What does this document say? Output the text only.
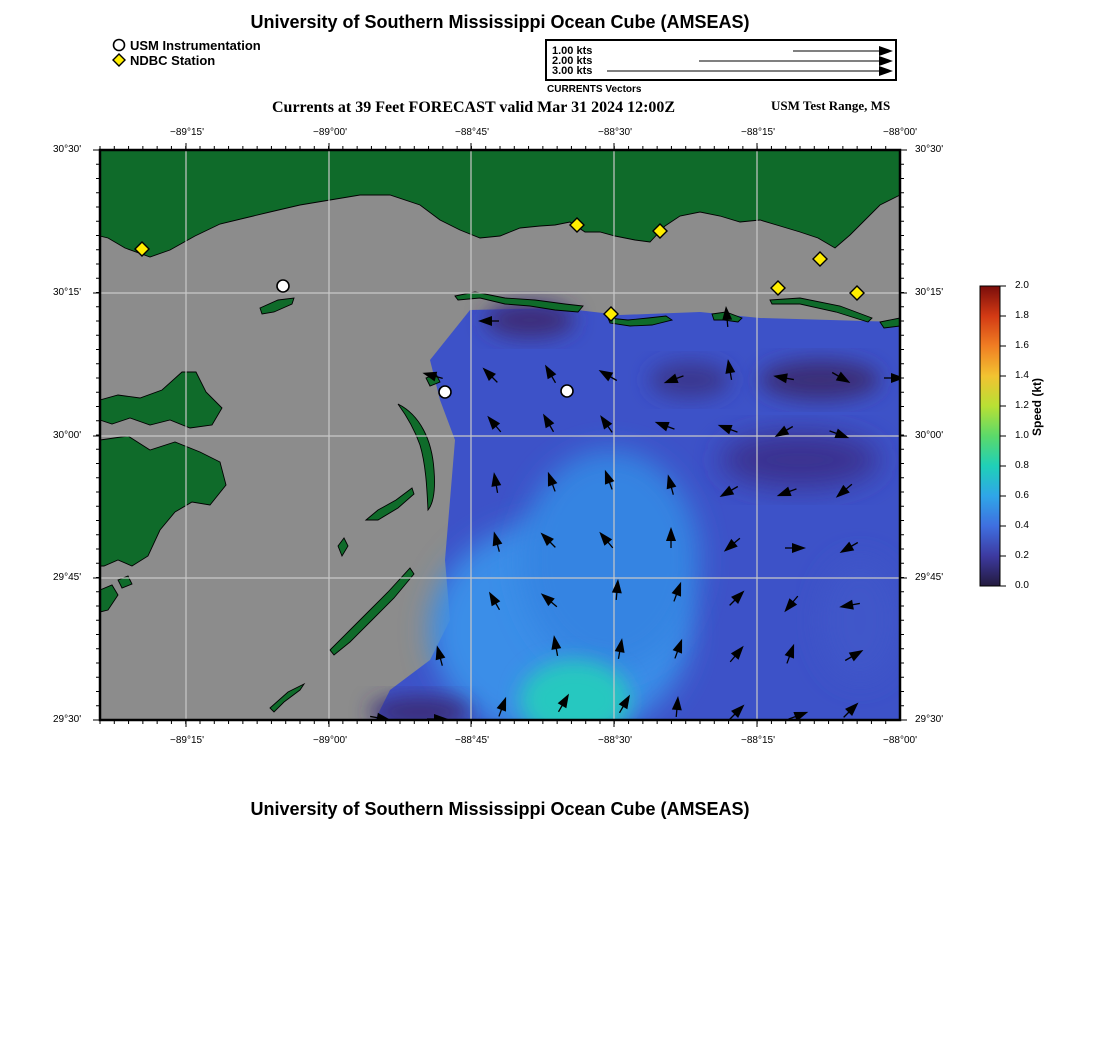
University of Southern Mississippi Ocean Cube (AMSEAS)
USM Instrumentation
NDBC Station
1.00 kts
2.00 kts
3.00 kts
CURRENTS Vectors
Currents at 39 Feet FORECAST valid Mar 31 2024 12:00Z	USM Test Range, MS
−89°15'	−89°00'	−88°45'	−88°30'	−88°15'	−88°00'
−89°15'	−89°00'	−88°45'	−88°30'	−88°15'	−88°00'
30°30'
30°15'
30°00'
29°45'
29°30'
30°30'
30°15'
30°00'
29°45'
29°30'
2.0
1.8
1.6
1.4
1.2
1.0
0.8
0.6
0.4
0.2
0.0
Speed (kt)
University of Southern Mississippi Ocean Cube (AMSEAS)
